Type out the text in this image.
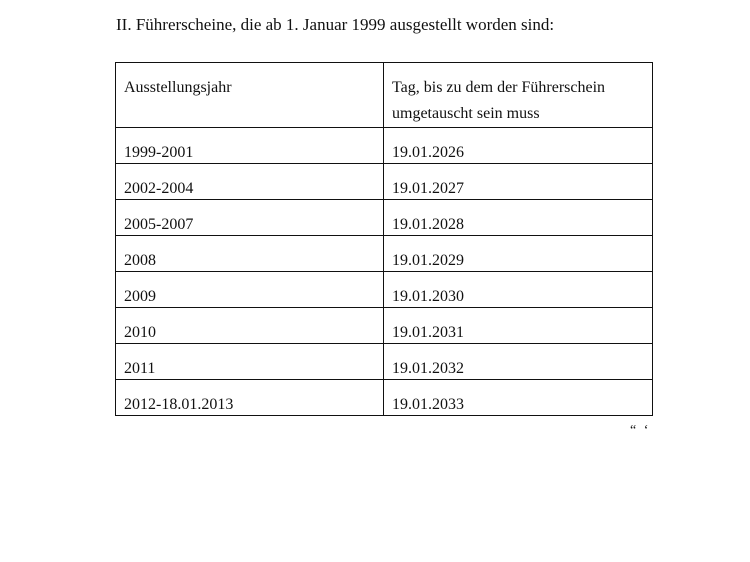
II. Führerscheine, die ab 1. Januar 1999 ausgestellt worden sind:
Ausstellungsjahr	Tag, bis zu dem der Führerschein umgetauscht sein muss
1999-2001	19.01.2026
2002-2004	19.01.2027
2005-2007	19.01.2028
2008	19.01.2029
2009	19.01.2030
2010	19.01.2031
2011	19.01.2032
2012-18.01.2013	19.01.2033
“ ‘
